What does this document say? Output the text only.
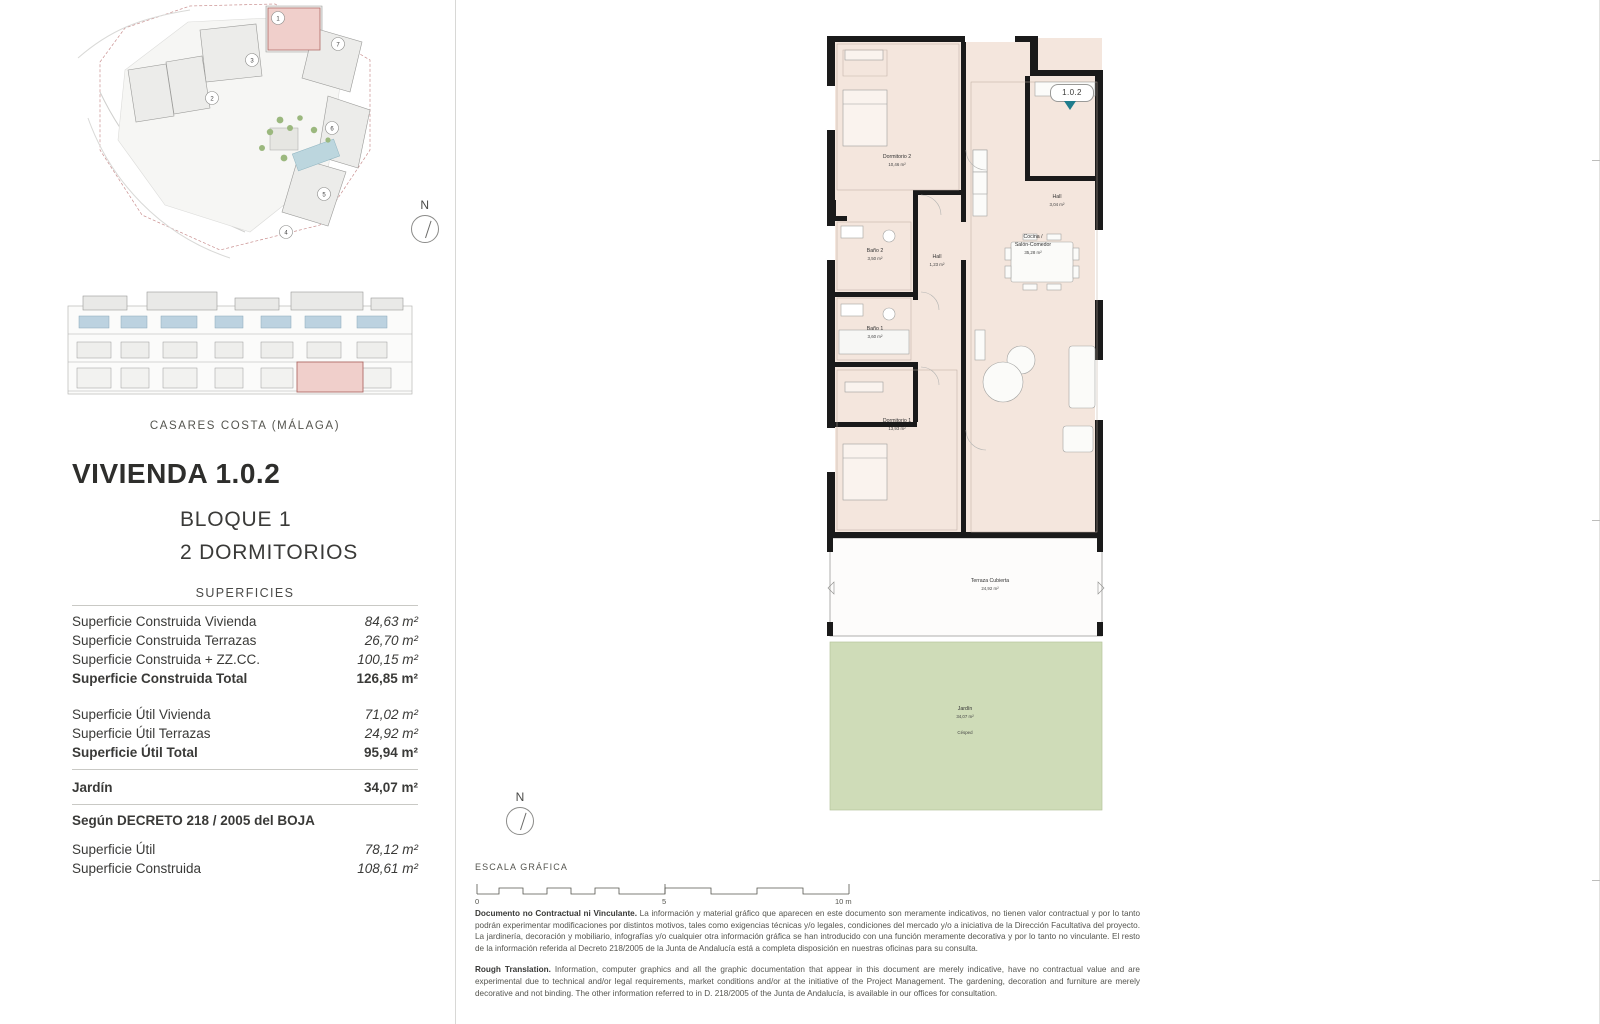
1
2
3
4
5
6
7
N
CASARES COSTA (MÁLAGA)
VIVIENDA 1.0.2
BLOQUE 1
2 DORMITORIOS
SUPERFICIES
Superficie Construida Vivienda	84,63 m²
Superficie Construida Terrazas	26,70 m²
Superficie Construida + ZZ.CC.	100,15 m²
Superficie Construida Total	126,85 m²
Superficie Útil Vivienda	71,02 m²
Superficie Útil Terrazas	24,92 m²
Superficie Útil Total	95,94 m²
Jardín	34,07 m²
Según DECRETO 218 / 2005 del BOJA
Superficie Útil	78,12 m²
Superficie Construida	108,61 m²
Dormitorio 2
10,46 m²
Baño 2
3,50 m²	Hall
1,23 m²
Hall
3,04 m²
Cocina /
Salón-Comedor
35,28 m²
Baño 1
3,60 m²
Dormitorio 1
13,93 m²
Terraza Cubierta
24,92 m²
Jardín
34,07 m²
Césped
1.0.2
N
ESCALA GRÁFICA
0	5	10 m

Documento no Contractual ni Vinculante. La información y material gráfico que aparecen en este documento son meramente indicativos, no tienen valor contractual y por lo tanto podrán experimentar modificaciones por distintos motivos, tales como exigencias técnicas y/o legales, condiciones del mercado y/o a iniciativa de la Dirección Facultativa del proyecto. La jardinería, decoración y mobiliario, infografías y/o cualquier otra información gráfica se han introducido con una función meramente decorativa y por lo tanto no vinculante. El resto de la información referida al Decreto 218/2005 de la Junta de Andalucía está a completa disposición en nuestras oficinas para su consulta.

Rough Translation. Information, computer graphics and all the graphic documentation that appear in this document are merely indicative, have no contractual value and are experimental due to technical and/or legal requirements, market conditions and/or at the initiative of the Project Management. The gardening, decoration and furniture are merely decorative and not binding. The other information referred to in D. 218/2005 of the Junta de Andalucía, is available in our offices for consultation.
